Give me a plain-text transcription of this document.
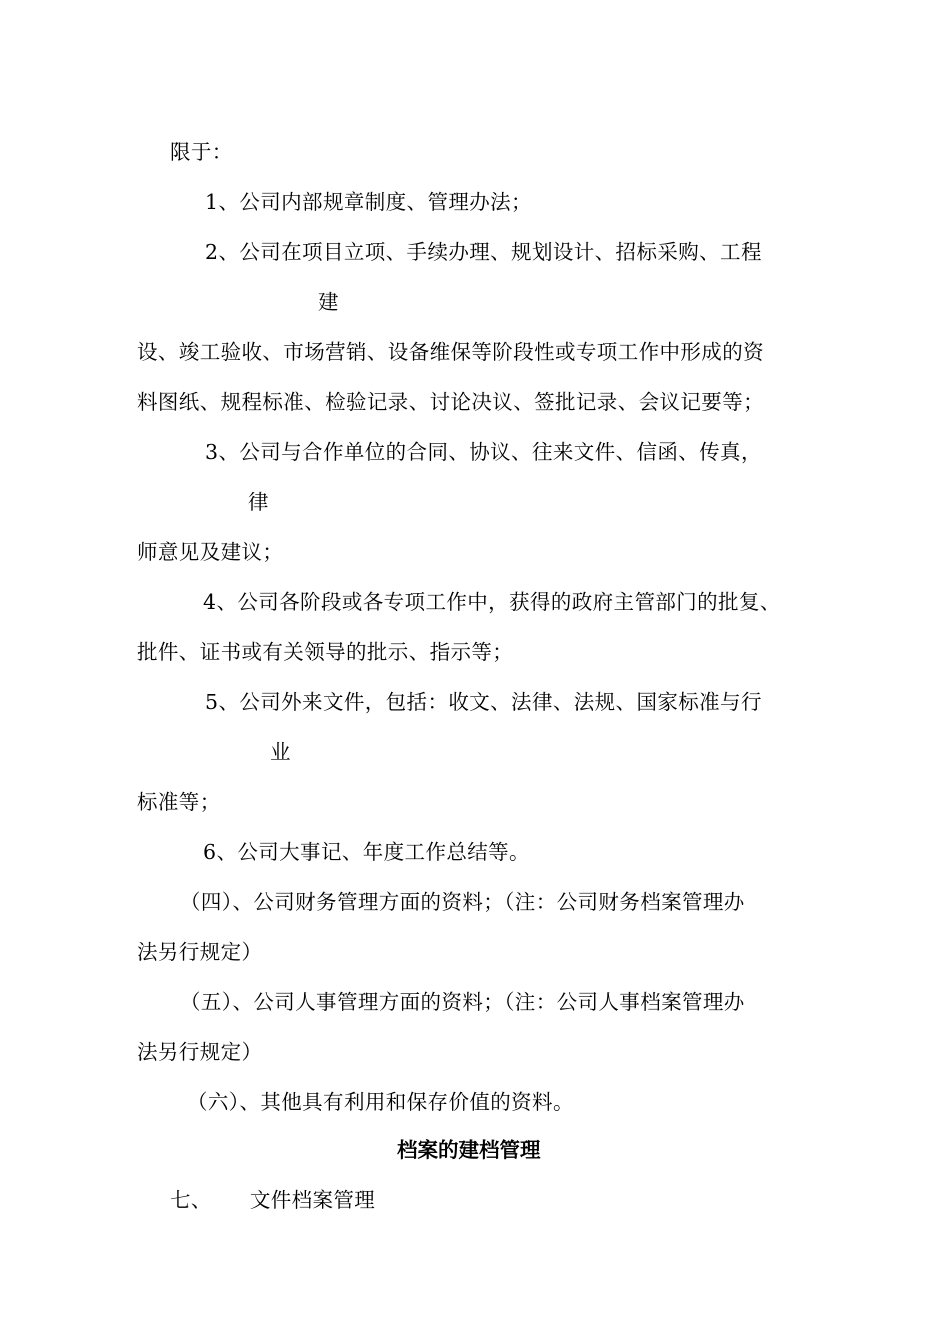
限于：
1、公司内部规章制度、管理办法；
2、公司在项目立项、手续办理、规划设计、招标采购、工程
建
设、竣工验收、市场营销、设备维保等阶段性或专项工作中形成的资
料图纸、规程标准、检验记录、讨论决议、签批记录、会议记要等；
3、公司与合作单位的合同、协议、往来文件、信函、传真，
律
师意见及建议；
4、公司各阶段或各专项工作中，获得的政府主管部门的批复、
批件、证书或有关领导的批示、指示等；
5、公司外来文件，包括：收文、法律、法规、国家标准与行
业
标准等；
6、公司大事记、年度工作总结等。
（四）、公司财务管理方面的资料；（注：公司财务档案管理办
法另行规定）
（五）、公司人事管理方面的资料；（注：公司人事档案管理办
法另行规定）
（六）、其他具有利用和保存价值的资料。
档案的建档管理
七、 文件档案管理
